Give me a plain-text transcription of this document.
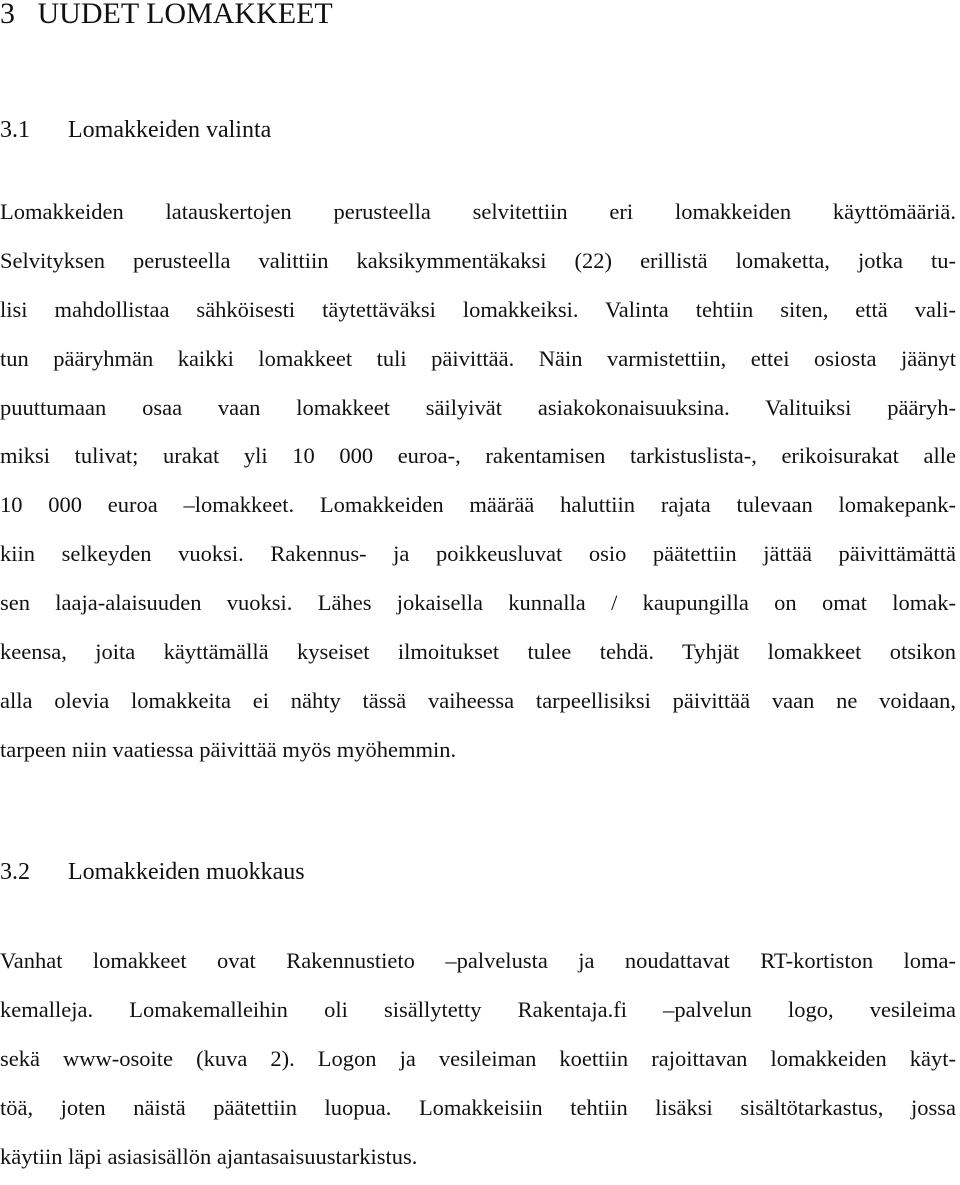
3 UUDET LOMAKKEET
3.1 Lomakkeiden valinta
Lomakkeiden latauskertojen perusteella selvitettiin eri lomakkeiden käyttömääriä.
Selvityksen perusteella valittiin kaksikymmentäkaksi (22) erillistä lomaketta, jotka tu-
lisi mahdollistaa sähköisesti täytettäväksi lomakkeiksi. Valinta tehtiin siten, että vali-
tun pääryhmän kaikki lomakkeet tuli päivittää. Näin varmistettiin, ettei osiosta jäänyt
puuttumaan osaa vaan lomakkeet säilyivät asiakokonaisuuksina. Valituiksi pääryh-
miksi tulivat; urakat yli 10 000 euroa-, rakentamisen tarkistuslista-, erikoisurakat alle
10 000 euroa –lomakkeet. Lomakkeiden määrää haluttiin rajata tulevaan lomakepank-
kiin selkeyden vuoksi. Rakennus- ja poikkeusluvat osio päätettiin jättää päivittämättä
sen laaja-alaisuuden vuoksi. Lähes jokaisella kunnalla / kaupungilla on omat lomak-
keensa, joita käyttämällä kyseiset ilmoitukset tulee tehdä. Tyhjät lomakkeet otsikon
alla olevia lomakkeita ei nähty tässä vaiheessa tarpeellisiksi päivittää vaan ne voidaan,
tarpeen niin vaatiessa päivittää myös myöhemmin.
3.2 Lomakkeiden muokkaus
Vanhat lomakkeet ovat Rakennustieto –palvelusta ja noudattavat RT-kortiston loma-
kemalleja. Lomakemalleihin oli sisällytetty Rakentaja.fi –palvelun logo, vesileima
sekä www-osoite (kuva 2). Logon ja vesileiman koettiin rajoittavan lomakkeiden käyt-
töä, joten näistä päätettiin luopua. Lomakkeisiin tehtiin lisäksi sisältötarkastus, jossa
käytiin läpi asiasisällön ajantasaisuustarkistus.
